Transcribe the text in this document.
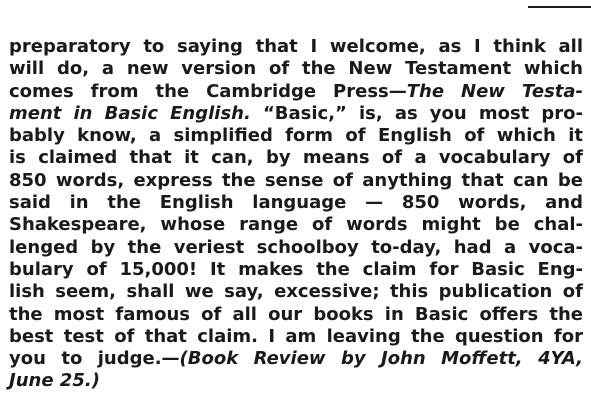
preparatory to saying that I welcome, as I think all
will do, a new version of the New Testament which
comes from the Cambridge Press—The New Testa-
ment in Basic English. “Basic,” is, as you most pro-
bably know, a simplified form of English of which it
is claimed that it can, by means of a vocabulary of
850 words, express the sense of anything that can be
said in the English language — 850 words, and
Shakespeare, whose range of words might be chal-
lenged by the veriest schoolboy to-day, had a voca-
bulary of 15,000! It makes the claim for Basic Eng-
lish seem, shall we say, excessive; this publication of
the most famous of all our books in Basic offers the
best test of that claim. I am leaving the question for
you to judge.—(Book Review by John Moffett, 4YA,
June 25.)
